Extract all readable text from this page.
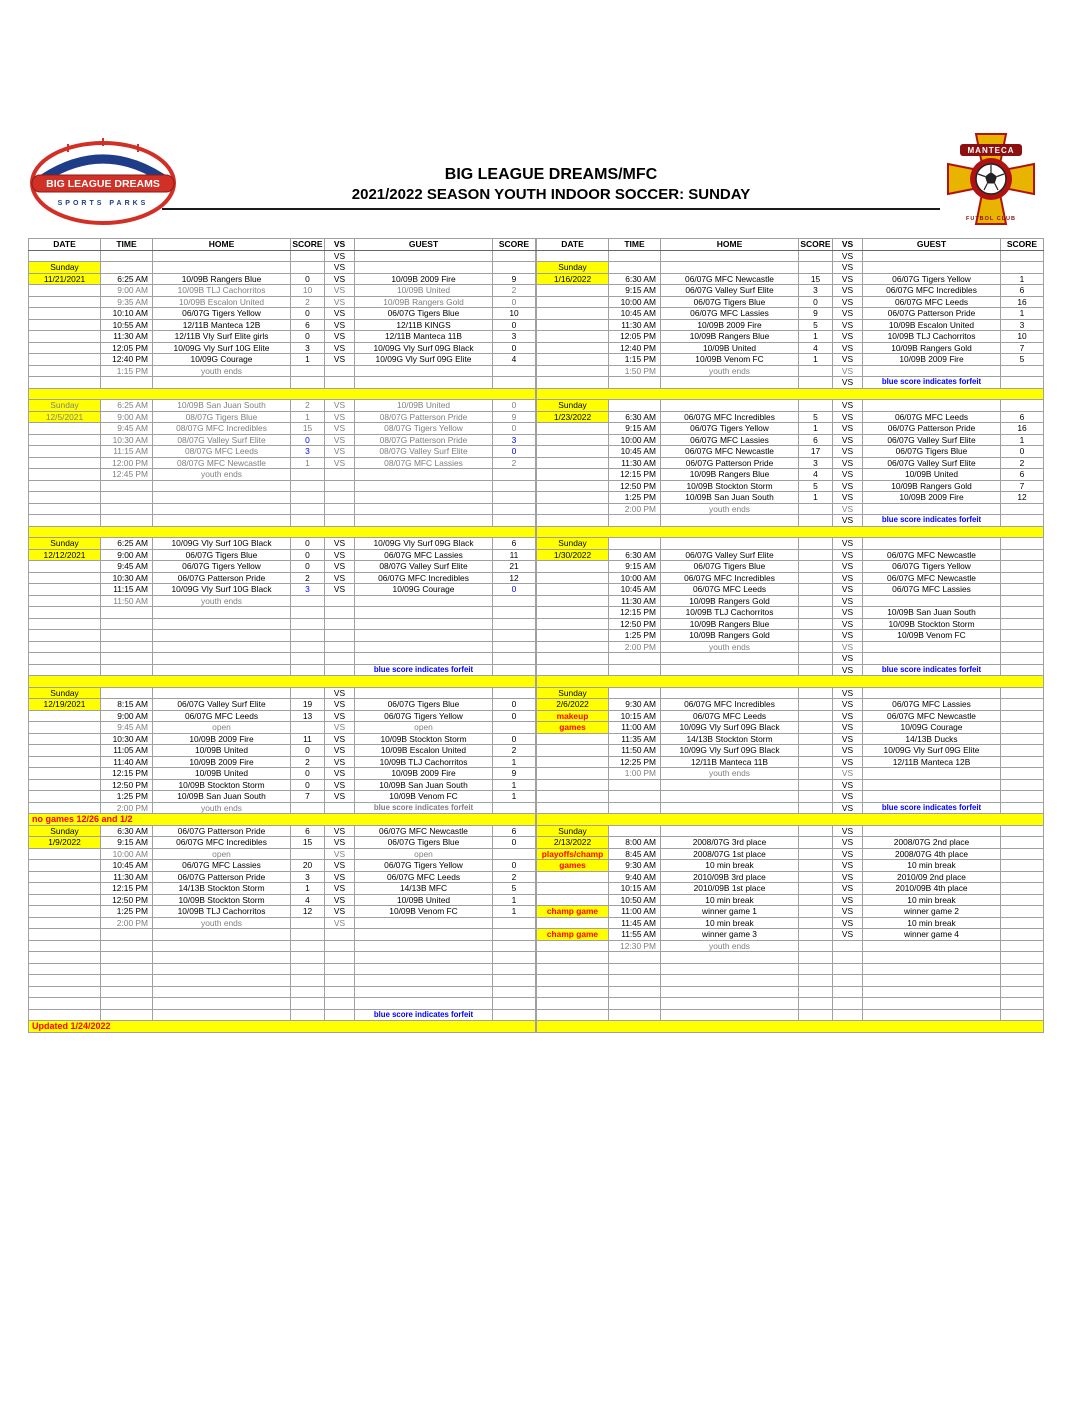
BIG LEAGUE DREAMS
SPORTS PARKS
BIG LEAGUE DREAMS/MFC
2021/2022 SEASON YOUTH INDOOR SOCCER: SUNDAY
MANTECA
FUTBOL CLUB
DATE	TIME	HOME	SCORE	VS	GUEST	SCORE
				VS		
Sunday				VS		
11/21/2021	6:25 AM	10/09B Rangers Blue	0	VS	10/09B 2009 Fire	9
	9:00 AM	10/09B TLJ Cachorritos	10	VS	10/09B United	2
	9:35 AM	10/09B Escalon United	2	VS	10/09B Rangers Gold	0
	10:10 AM	06/07G Tigers Yellow	0	VS	06/07G Tigers Blue	10
	10:55 AM	12/11B Manteca 12B	6	VS	12/11B KINGS	0
	11:30 AM	12/11B Vly Surf Elite girls	0	VS	12/11B Manteca 11B	3
	12:05 PM	10/09G Vly Surf 10G Elite	3	VS	10/09G Vly Surf 09G Black	0
	12:40 PM	10/09G Courage	1	VS	10/09G Vly Surf 09G Elite	4
	1:15 PM	youth ends				

Sunday	6:25 AM	10/09B San Juan South	2	VS	10/09B United	0
12/5/2021	9:00 AM	08/07G Tigers Blue	1	VS	08/07G Patterson Pride	9
	9:45 AM	08/07G MFC Incredibles	15	VS	08/07G Tigers Yellow	0
	10:30 AM	08/07G Valley Surf Elite	0	VS	08/07G Patterson Pride	3
	11:15 AM	08/07G MFC Leeds	3	VS	08/07G Valley Surf Elite	0
	12:00 PM	08/07G MFC Newcastle	1	VS	08/07G MFC Lassies	2
	12:45 PM	youth ends				

Sunday	6:25 AM	10/09G Vly Surf 10G Black	0	VS	10/09G Vly Surf 09G Black	6
12/12/2021	9:00 AM	06/07G Tigers Blue	0	VS	06/07G MFC Lassies	11
	9:45 AM	06/07G Tigers Yellow	0	VS	08/07G Valley Surf Elite	21
	10:30 AM	06/07G Patterson Pride	2	VS	06/07G MFC Incredibles	12
	11:15 AM	10/09G Vly Surf 10G Black	3	VS	10/09G Courage	0
	11:50 AM	youth ends				

					blue score indicates forfeit	

Sunday				VS		
12/19/2021	8:15 AM	06/07G Valley Surf Elite	19	VS	06/07G Tigers Blue	0
	9:00 AM	06/07G MFC Leeds	13	VS	06/07G Tigers Yellow	0
	9:45 AM	open		VS	open	
	10:30 AM	10/09B 2009 Fire	11	VS	10/09B Stockton Storm	0
	11:05 AM	10/09B United	0	VS	10/09B Escalon United	2
	11:40 AM	10/09B 2009 Fire	2	VS	10/09B TLJ Cachorritos	1
	12:15 PM	10/09B United	0	VS	10/09B 2009 Fire	9
	12:50 PM	10/09B Stockton Storm	0	VS	10/09B San Juan South	1
	1:25 PM	10/09B San Juan South	7	VS	10/09B Venom FC	1
	2:00 PM	youth ends			blue score indicates forfeit	
no games 12/26 and 1/2						
Sunday	6:30 AM	06/07G Patterson Pride	6	VS	06/07G MFC Newcastle	6
1/9/2022	9:15 AM	06/07G MFC Incredibles	15	VS	06/07G Tigers Blue	0
	10:00 AM	open		VS	open	
	10:45 AM	06/07G MFC Lassies	20	VS	06/07G Tigers Yellow	0
	11:30 AM	06/07G Patterson Pride	3	VS	06/07G MFC Leeds	2
	12:15 PM	14/13B Stockton Storm	1	VS	14/13B MFC	5
	12:50 PM	10/09B Stockton Storm	4	VS	10/09B United	1
	1:25 PM	10/09B TLJ Cachorritos	12	VS	10/09B Venom FC	1
	2:00 PM	youth ends		VS		

					blue score indicates forfeit	
Updated 1/24/2022						
DATE	TIME	HOME	SCORE	VS	GUEST	SCORE
				VS		
Sunday				VS		
1/16/2022	6:30 AM	06/07G MFC Newcastle	15	VS	06/07G Tigers Yellow	1
	9:15 AM	06/07G Valley Surf Elite	3	VS	06/07G MFC Incredibles	6
	10:00 AM	06/07G Tigers Blue	0	VS	06/07G MFC Leeds	16
	10:45 AM	06/07G MFC Lassies	9	VS	06/07G Patterson Pride	1
	11:30 AM	10/09B 2009 Fire	5	VS	10/09B Escalon United	3
	12:05 PM	10/09B Rangers Blue	1	VS	10/09B TLJ Cachorritos	10
	12:40 PM	10/09B United	4	VS	10/09B Rangers Gold	7
	1:15 PM	10/09B Venom FC	1	VS	10/09B 2009 Fire	5
	1:50 PM	youth ends		VS		
				VS	blue score indicates forfeit	

Sunday				VS		
1/23/2022	6:30 AM	06/07G MFC Incredibles	5	VS	06/07G MFC Leeds	6
	9:15 AM	06/07G Tigers Yellow	1	VS	06/07G Patterson Pride	16
	10:00 AM	06/07G MFC Lassies	6	VS	06/07G Valley Surf Elite	1
	10:45 AM	06/07G MFC Newcastle	17	VS	06/07G Tigers Blue	0
	11:30 AM	06/07G Patterson Pride	3	VS	06/07G Valley Surf Elite	2
	12:15 PM	10/09B Rangers Blue	4	VS	10/09B United	6
	12:50 PM	10/09B Stockton Storm	5	VS	10/09B Rangers Gold	7
	1:25 PM	10/09B San Juan South	1	VS	10/09B 2009 Fire	12
	2:00 PM	youth ends		VS		
				VS	blue score indicates forfeit	

Sunday				VS		
1/30/2022	6:30 AM	06/07G Valley Surf Elite		VS	06/07G MFC Newcastle	
	9:15 AM	06/07G Tigers Blue		VS	06/07G Tigers Yellow	
	10:00 AM	06/07G MFC Incredibles		VS	06/07G MFC Newcastle	
	10:45 AM	06/07G MFC Leeds		VS	06/07G MFC Lassies	
	11:30 AM	10/09B Rangers Gold		VS		
	12:15 PM	10/09B TLJ Cachorritos		VS	10/09B San Juan South	
	12:50 PM	10/09B Rangers Blue		VS	10/09B Stockton Storm	
	1:25 PM	10/09B Rangers Gold		VS	10/09B Venom FC	
	2:00 PM	youth ends		VS		
				VS		
				VS	blue score indicates forfeit	

Sunday				VS		
2/6/2022	9:30 AM	06/07G MFC Incredibles		VS	06/07G MFC Lassies	
makeup	10:15 AM	06/07G MFC Leeds		VS	06/07G MFC Newcastle	
games	11:00 AM	10/09G Vly Surf 09G Black		VS	10/09G Courage	
	11:35 AM	14/13B Stockton Storm		VS	14/13B Ducks	
	11:50 AM	10/09G Vly Surf 09G Black		VS	10/09G Vly Surf 09G Elite	
	12:25 PM	12/11B Manteca 11B		VS	12/11B Manteca 12B	
	1:00 PM	youth ends		VS		
				VS		
				VS		
				VS	blue score indicates forfeit	

Sunday				VS		
2/13/2022	8:00 AM	2008/07G 3rd place		VS	2008/07G 2nd place	
playoffs/champ	8:45 AM	2008/07G 1st place		VS	2008/07G 4th place	
games	9:30 AM	10 min break		VS	10 min break	
	9:40 AM	2010/09B 3rd place		VS	2010/09 2nd place	
	10:15 AM	2010/09B 1st place		VS	2010/09B 4th place	
	10:50 AM	10 min break		VS	10 min break	
champ game	11:00 AM	winner game 1		VS	winner game 2	
	11:45 AM	10 min break		VS	10 min break	
champ game	11:55 AM	winner game 3		VS	winner game 4	
	12:30 PM	youth ends				
